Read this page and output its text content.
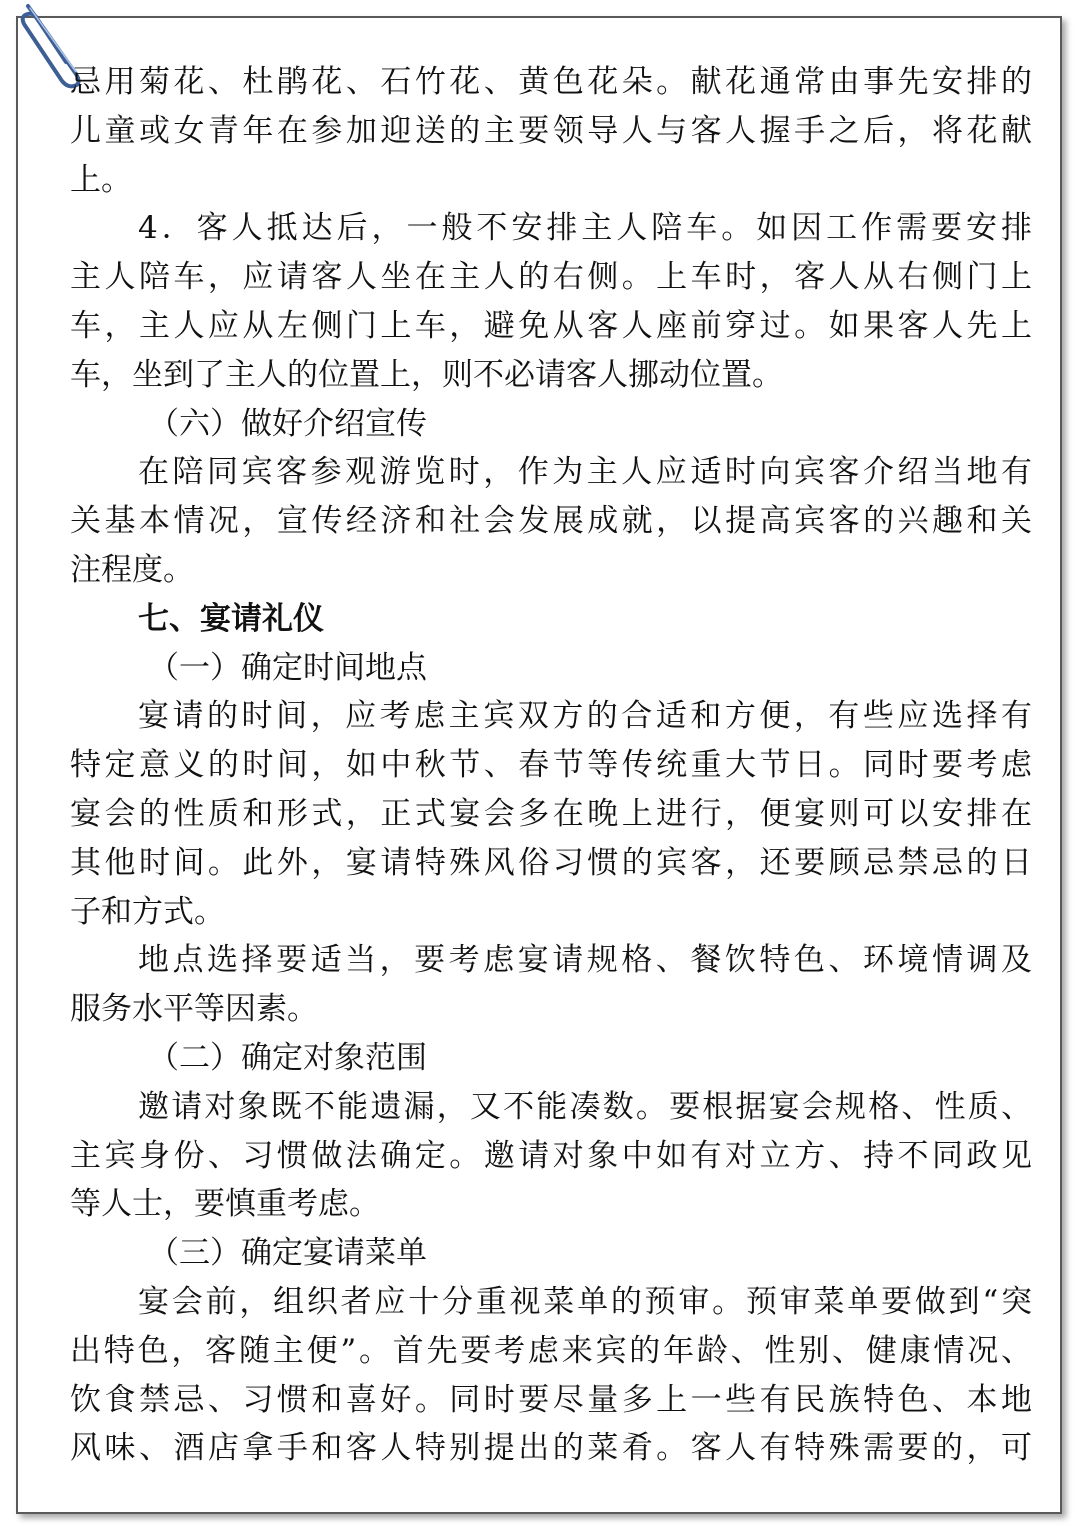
忌用菊花、杜鹃花、石竹花、黄色花朵。献花通常由事先安排的
儿童或女青年在参加迎送的主要领导人与客人握手之后，将花献
上。
4．客人抵达后，一般不安排主人陪车。如因工作需要安排
主人陪车，应请客人坐在主人的右侧。上车时，客人从右侧门上
车，主人应从左侧门上车，避免从客人座前穿过。如果客人先上
车，坐到了主人的位置上，则不必请客人挪动位置。
（六）做好介绍宣传
在陪同宾客参观游览时，作为主人应适时向宾客介绍当地有
关基本情况，宣传经济和社会发展成就，以提高宾客的兴趣和关
注程度。
七、宴请礼仪
（一）确定时间地点
宴请的时间，应考虑主宾双方的合适和方便，有些应选择有
特定意义的时间，如中秋节、春节等传统重大节日。同时要考虑
宴会的性质和形式，正式宴会多在晚上进行，便宴则可以安排在
其他时间。此外，宴请特殊风俗习惯的宾客，还要顾忌禁忌的日
子和方式。
地点选择要适当，要考虑宴请规格、餐饮特色、环境情调及
服务水平等因素。
（二）确定对象范围
邀请对象既不能遗漏，又不能凑数。要根据宴会规格、性质、
主宾身份、习惯做法确定。邀请对象中如有对立方、持不同政见
等人士，要慎重考虑。
（三）确定宴请菜单
宴会前，组织者应十分重视菜单的预审。预审菜单要做到“突
出特色，客随主便”。首先要考虑来宾的年龄、性别、健康情况、
饮食禁忌、习惯和喜好。同时要尽量多上一些有民族特色、本地
风味、酒店拿手和客人特别提出的菜肴。客人有特殊需要的，可
